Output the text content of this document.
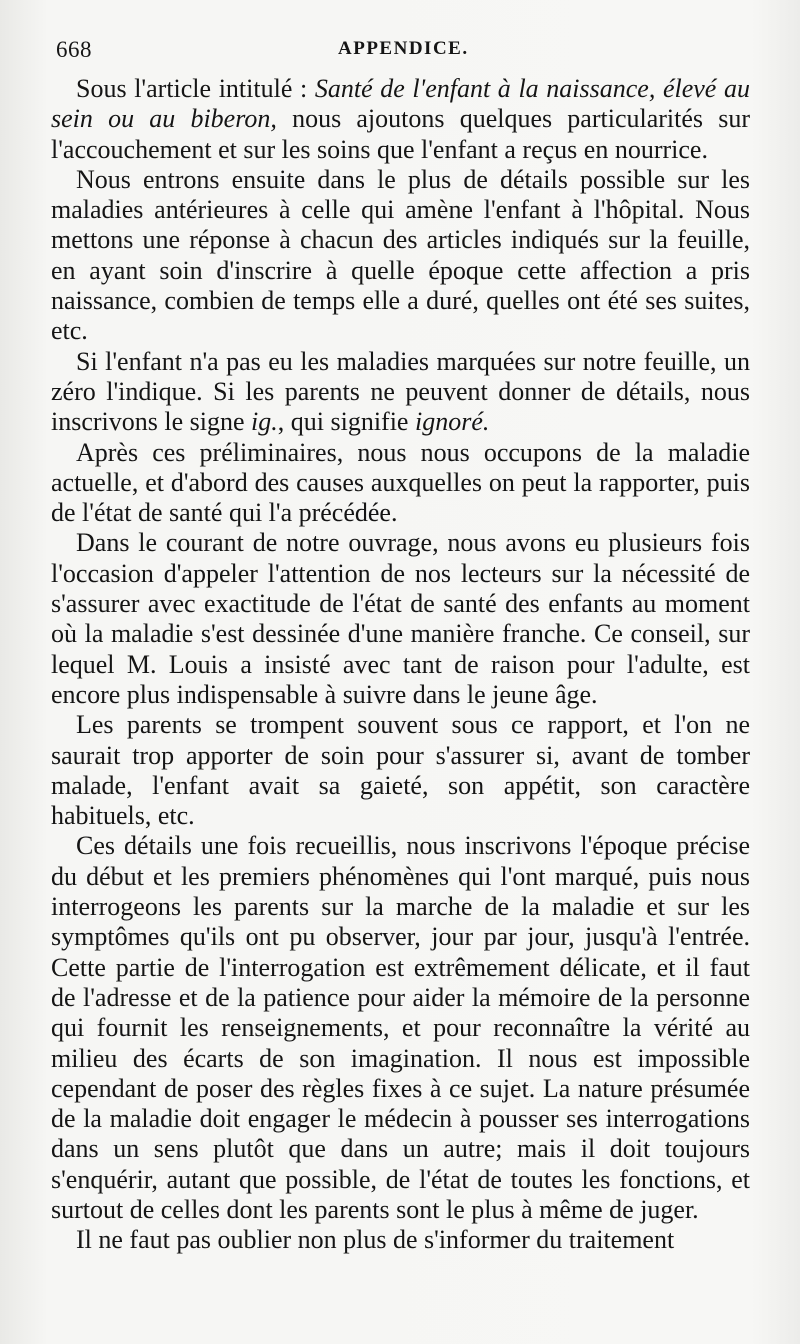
668	APPENDICE.

Sous l'article intitulé : Santé de l'enfant à la naissance, élevé au sein ou au biberon, nous ajoutons quelques particularités sur l'accouchement et sur les soins que l'enfant a reçus en nourrice.

Nous entrons ensuite dans le plus de détails possible sur les maladies antérieures à celle qui amène l'enfant à l'hôpital. Nous mettons une réponse à chacun des articles indiqués sur la feuille, en ayant soin d'inscrire à quelle époque cette affection a pris naissance, combien de temps elle a duré, quelles ont été ses suites, etc.

Si l'enfant n'a pas eu les maladies marquées sur notre feuille, un zéro l'indique. Si les parents ne peuvent donner de détails, nous inscrivons le signe ig., qui signifie ignoré.

Après ces préliminaires, nous nous occupons de la maladie actuelle, et d'abord des causes auxquelles on peut la rapporter, puis de l'état de santé qui l'a précédée.

Dans le courant de notre ouvrage, nous avons eu plusieurs fois l'occasion d'appeler l'attention de nos lecteurs sur la nécessité de s'assurer avec exactitude de l'état de santé des enfants au moment où la maladie s'est dessinée d'une manière franche. Ce conseil, sur lequel M. Louis a insisté avec tant de raison pour l'adulte, est encore plus indispensable à suivre dans le jeune âge.

Les parents se trompent souvent sous ce rapport, et l'on ne saurait trop apporter de soin pour s'assurer si, avant de tomber malade, l'enfant avait sa gaieté, son appétit, son caractère habituels, etc.

Ces détails une fois recueillis, nous inscrivons l'époque précise du début et les premiers phénomènes qui l'ont marqué, puis nous interrogeons les parents sur la marche de la maladie et sur les symptômes qu'ils ont pu observer, jour par jour, jusqu'à l'entrée. Cette partie de l'interrogation est extrêmement délicate, et il faut de l'adresse et de la patience pour aider la mémoire de la personne qui fournit les renseignements, et pour reconnaître la vérité au milieu des écarts de son imagination. Il nous est impossible cependant de poser des règles fixes à ce sujet. La nature présumée de la maladie doit engager le médecin à pousser ses interrogations dans un sens plutôt que dans un autre; mais il doit toujours s'enquérir, autant que possible, de l'état de toutes les fonctions, et surtout de celles dont les parents sont le plus à même de juger.

Il ne faut pas oublier non plus de s'informer du traitement
